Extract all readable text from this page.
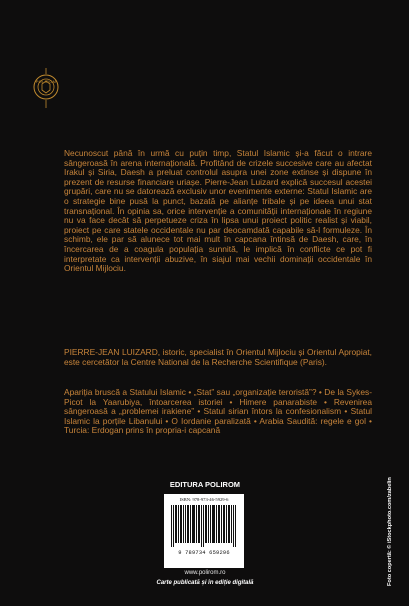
POLIROM
Necunoscut până în urmă cu puțin timp, Statul Islamic și-a făcut o intrare sângeroasă în arena internațională. Profitând de crizele succesive care au afectat Irakul și Siria, Daesh a preluat controlul asupra unei zone extinse și dispune în prezent de resurse financiare uriașe. Pierre-Jean Luizard explică succesul acestei grupări, care nu se datorează exclusiv unor evenimente externe: Statul Islamic are o strategie bine pusă la punct, bazată pe alianțe tribale și pe ideea unui stat transnațional. În opinia sa, orice intervenție a comunității internaționale în regiune nu va face decât să perpetueze criza în lipsa unui proiect politic realist și viabil, proiect pe care statele occidentale nu par deocamdată capabile să-l formuleze. În schimb, ele par să alunece tot mai mult în capcana întinsă de Daesh, care, în încercarea de a coagula populația sunnită, le implică în conflicte ce pot fi interpretate ca intervenții abuzive, în siajul mai vechii dominații occidentale în Orientul Mijlociu.
PIERRE-JEAN LUIZARD, istoric, specialist în Orientul Mijlociu și Orientul Apropiat, este cercetător la Centre National de la Recherche Scientifique (Paris).
Apariția bruscă a Statului Islamic • „Stat” sau „organizație teroristă”? • De la Sykes-Picot la Yaarubiya, întoarcerea istoriei • Himere panarabiste • Revenirea sângeroasă a „problemei irakiene” • Statul sirian întors la confesionalism • Statul Islamic la porțile Libanului • O Iordanie paralizată • Arabia Saudită: regele e gol • Turcia: Erdogan prins în propria-i capcană
EDITURA POLIROM
ISBN: 978-973-46-5929-6
9 789734 659296
www.polirom.ro
Carte publicată și în ediție digitală	Foto copertă: © iStockphoto.com/zabelin
